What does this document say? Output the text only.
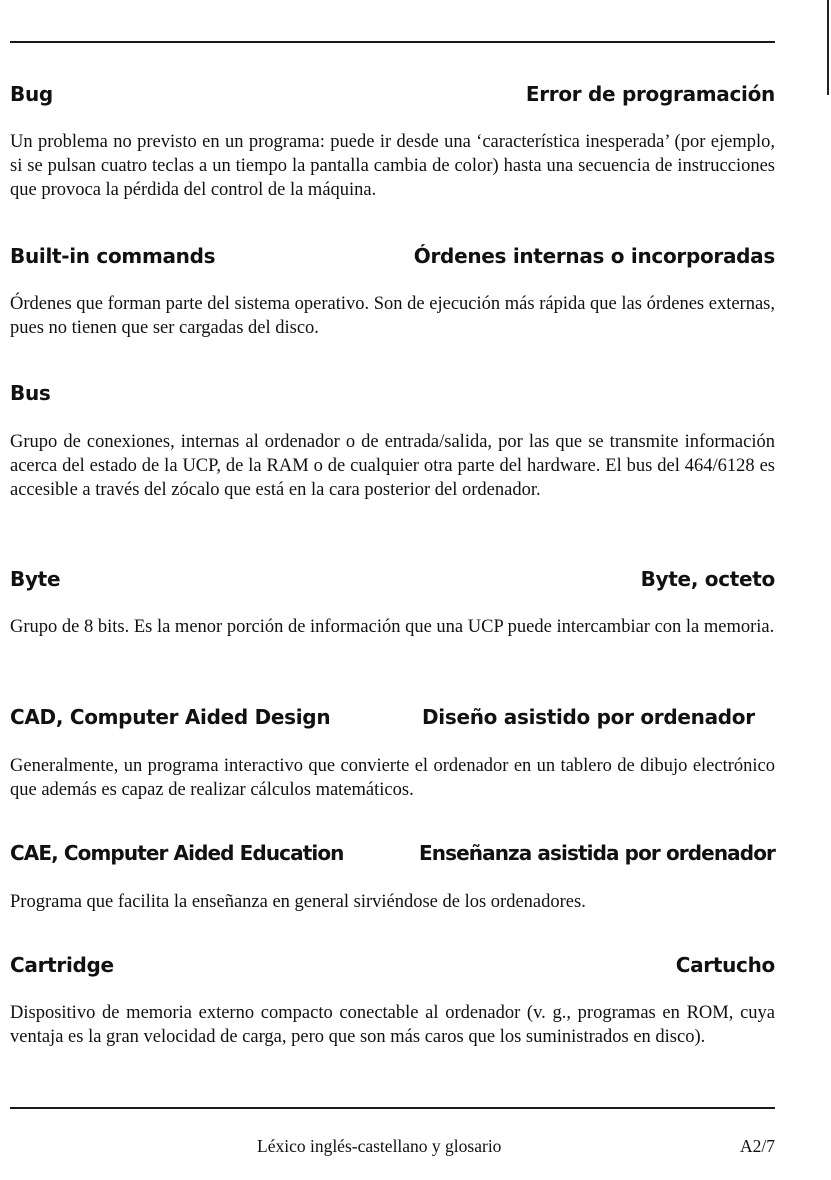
Bug	Error de programación

Un problema no previsto en un programa: puede ir desde una ‘característica inesperada’ (por ejemplo, si se pulsan cuatro teclas a un tiempo la pantalla cambia de color) hasta una secuencia de instrucciones que provoca la pérdida del control de la máquina.

Built-in commands	Órdenes internas o incorporadas

Órdenes que forman parte del sistema operativo. Son de ejecución más rápida que las órdenes externas, pues no tienen que ser cargadas del disco.

Bus

Grupo de conexiones, internas al ordenador o de entrada/salida, por las que se transmite información acerca del estado de la UCP, de la RAM o de cualquier otra parte del hardware. El bus del 464/6128 es accesible a través del zócalo que está en la cara posterior del ordenador.

Byte	Byte, octeto

Grupo de 8 bits. Es la menor porción de información que una UCP puede intercambiar con la memoria.

CAD, Computer Aided Design	Diseño asistido por ordenador

Generalmente, un programa interactivo que convierte el ordenador en un tablero de dibujo electrónico que además es capaz de realizar cálculos matemáticos.

CAE, Computer Aided Education	Enseñanza asistida por ordenador

Programa que facilita la enseñanza en general sirviéndose de los ordenadores.

Cartridge	Cartucho

Dispositivo de memoria externo compacto conectable al ordenador (v. g., programas en ROM, cuya ventaja es la gran velocidad de carga, pero que son más caros que los suministrados en disco).

Léxico inglés-castellano y glosario	A2/7
